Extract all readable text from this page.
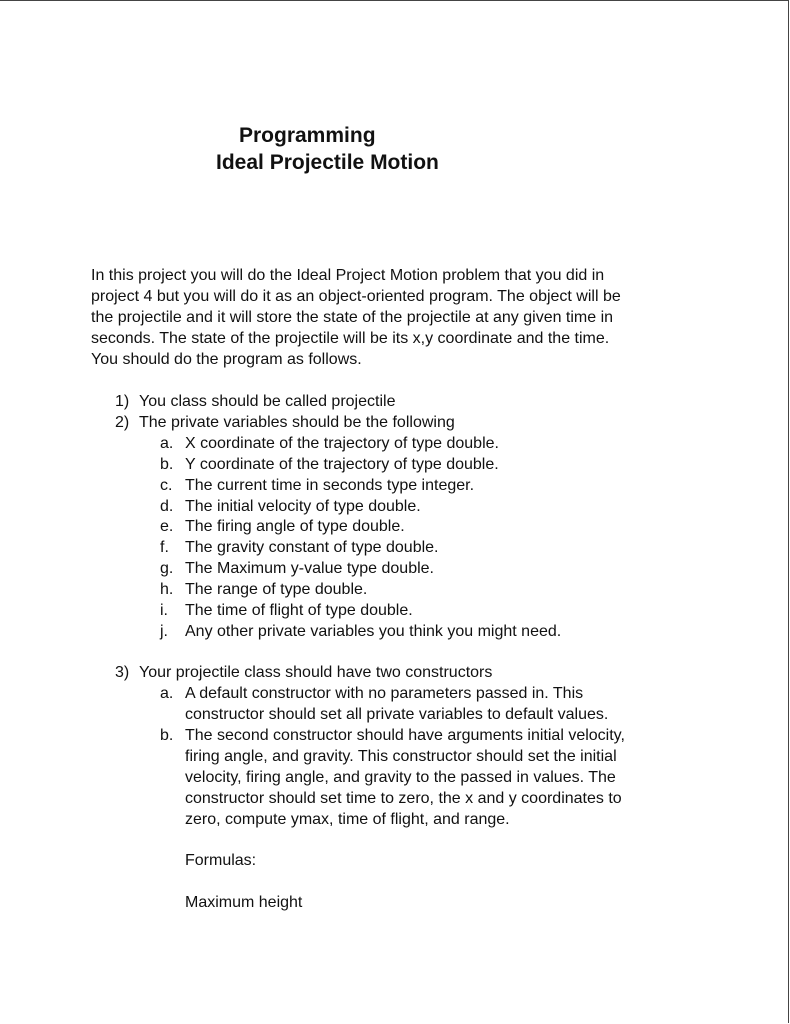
Programming
Ideal Projectile Motion
In this project you will do the Ideal Project Motion problem that you did in
project 4 but you will do it as an object-oriented program. The object will be
the projectile and it will store the state of the projectile at any given time in
seconds. The state of the projectile will be its x,y coordinate and the time.
You should do the program as follows.
1) You class should be called projectile
2) The private variables should be the following
a. X coordinate of the trajectory of type double.
b. Y coordinate of the trajectory of type double.
c. The current time in seconds type integer.
d. The initial velocity of type double.
e. The firing angle of type double.
f. The gravity constant of type double.
g. The Maximum y-value type double.
h. The range of type double.
i. The time of flight of type double.
j. Any other private variables you think you might need.
3) Your projectile class should have two constructors
a. A default constructor with no parameters passed in. This
constructor should set all private variables to default values.
b. The second constructor should have arguments initial velocity,
firing angle, and gravity. This constructor should set the initial
velocity, firing angle, and gravity to the passed in values. The
constructor should set time to zero, the x and y coordinates to
zero, compute ymax, time of flight, and range.
Formulas:
Maximum height
